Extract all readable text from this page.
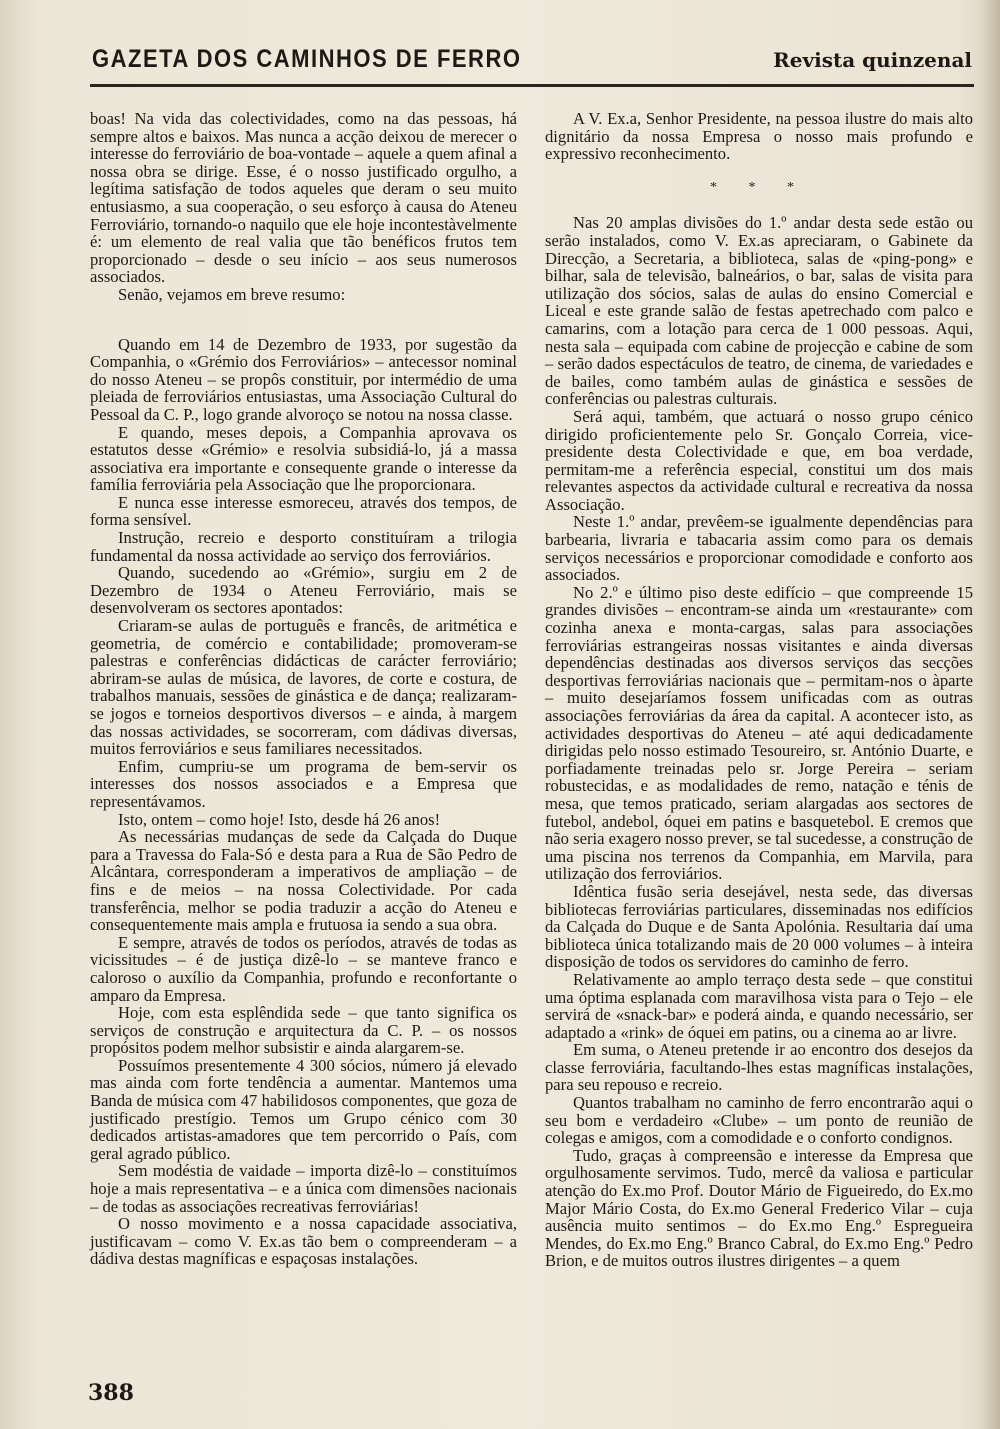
GAZETA DOS CAMINHOS DE FERRO	Revista quinzenal

boas! Na vida das colectividades, como na das pessoas, há sempre altos e baixos. Mas nunca a acção deixou de merecer o interesse do ferroviário de boa-vontade – aquele a quem afinal a nossa obra se dirige. Esse, é o nosso justificado orgulho, a legítima satisfação de todos aqueles que deram o seu muito entusiasmo, a sua cooperação, o seu esforço à causa do Ateneu Ferroviário, tornando-o naquilo que ele hoje incontestàvelmente é: um elemento de real valia que tão benéficos frutos tem proporcionado – desde o seu início – aos seus numerosos associados.

Senão, vejamos em breve resumo:

Quando em 14 de Dezembro de 1933, por sugestão da Companhia, o «Grémio dos Ferroviários» – antecessor nominal do nosso Ateneu – se propôs constituir, por intermédio de uma pleiada de ferroviários entusiastas, uma Associação Cultural do Pessoal da C. P., logo grande alvoroço se notou na nossa classe.

E quando, meses depois, a Companhia aprovava os estatutos desse «Grémio» e resolvia subsidiá-lo, já a massa associativa era importante e consequente grande o interesse da família ferroviária pela Associação que lhe proporcionara.

E nunca esse interesse esmoreceu, através dos tempos, de forma sensível.

Instrução, recreio e desporto constituíram a trilogia fundamental da nossa actividade ao serviço dos ferroviários.

Quando, sucedendo ao «Grémio», surgiu em 2 de Dezembro de 1934 o Ateneu Ferroviário, mais se desenvolveram os sectores apontados:

Criaram-se aulas de português e francês, de aritmética e geometria, de comércio e contabilidade; promoveram-se palestras e conferências didácticas de carácter ferroviário; abriram-se aulas de música, de lavores, de corte e costura, de trabalhos manuais, sessões de ginástica e de dança; realizaram-se jogos e torneios desportivos diversos – e ainda, à margem das nossas actividades, se socorreram, com dádivas diversas, muitos ferroviários e seus familiares necessitados.

Enfim, cumpriu-se um programa de bem-servir os interesses dos nossos associados e a Empresa que representávamos.

Isto, ontem – como hoje! Isto, desde há 26 anos!

As necessárias mudanças de sede da Calçada do Duque para a Travessa do Fala-Só e desta para a Rua de São Pedro de Alcântara, corresponderam a imperativos de ampliação – de fins e de meios – na nossa Colectividade. Por cada transferência, melhor se podia traduzir a acção do Ateneu e consequentemente mais ampla e frutuosa ia sendo a sua obra.

E sempre, através de todos os períodos, através de todas as vicissitudes – é de justiça dizê-lo – se manteve franco e caloroso o auxílio da Companhia, profundo e reconfortante o amparo da Empresa.

Hoje, com esta esplêndida sede – que tanto significa os serviços de construção e arquitectura da C. P. – os nossos propósitos podem melhor subsistir e ainda alargarem-se.

Possuímos presentemente 4 300 sócios, número já elevado mas ainda com forte tendência a aumentar. Mantemos uma Banda de música com 47 habilidosos componentes, que goza de justificado prestígio. Temos um Grupo cénico com 30 dedicados artistas-amadores que tem percorrido o País, com geral agrado público.

Sem modéstia de vaidade – importa dizê-lo – constituímos hoje a mais representativa – e a única com dimensões nacionais – de todas as associações recreativas ferroviárias!

O nosso movimento e a nossa capacidade associativa, justificavam – como V. Ex.as tão bem o compreenderam – a dádiva destas magníficas e espaçosas instalações.

A V. Ex.a, Senhor Presidente, na pessoa ilustre do mais alto dignitário da nossa Empresa o nosso mais profundo e expressivo reconhecimento.

* * *

Nas 20 amplas divisões do 1.º andar desta sede estão ou serão instalados, como V. Ex.as apreciaram, o Gabinete da Direcção, a Secretaria, a biblioteca, salas de «ping-pong» e bilhar, sala de televisão, balneários, o bar, salas de visita para utilização dos sócios, salas de aulas do ensino Comercial e Liceal e este grande salão de festas apetrechado com palco e camarins, com a lotação para cerca de 1 000 pessoas. Aqui, nesta sala – equipada com cabine de projecção e cabine de som – serão dados espectáculos de teatro, de cinema, de variedades e de bailes, como também aulas de ginástica e sessões de conferências ou palestras culturais.

Será aqui, também, que actuará o nosso grupo cénico dirigido proficientemente pelo Sr. Gonçalo Correia, vice-presidente desta Colectividade e que, em boa verdade, permitam-me a referência especial, constitui um dos mais relevantes aspectos da actividade cultural e recreativa da nossa Associação.

Neste 1.º andar, prevêem-se igualmente dependências para barbearia, livraria e tabacaria assim como para os demais serviços necessários e proporcionar comodidade e conforto aos associados.

No 2.º e último piso deste edifício – que compreende 15 grandes divisões – encontram-se ainda um «restaurante» com cozinha anexa e monta-cargas, salas para associações ferroviárias estrangeiras nossas visitantes e ainda diversas dependências destinadas aos diversos serviços das secções desportivas ferroviárias nacionais que – permitam-nos o àparte – muito desejaríamos fossem unificadas com as outras associações ferroviárias da área da capital. A acontecer isto, as actividades desportivas do Ateneu – até aqui dedicadamente dirigidas pelo nosso estimado Tesoureiro, sr. António Duarte, e porfiadamente treinadas pelo sr. Jorge Pereira – seriam robustecidas, e as modalidades de remo, natação e ténis de mesa, que temos praticado, seriam alargadas aos sectores de futebol, andebol, óquei em patins e basquetebol. E cremos que não seria exagero nosso prever, se tal sucedesse, a construção de uma piscina nos terrenos da Companhia, em Marvila, para utilização dos ferroviários.

Idêntica fusão seria desejável, nesta sede, das diversas bibliotecas ferroviárias particulares, disseminadas nos edifícios da Calçada do Duque e de Santa Apolónia. Resultaria daí uma biblioteca única totalizando mais de 20 000 volumes – à inteira disposição de todos os servidores do caminho de ferro.

Relativamente ao amplo terraço desta sede – que constitui uma óptima esplanada com maravilhosa vista para o Tejo – ele servirá de «snack-bar» e poderá ainda, e quando necessário, ser adaptado a «rink» de óquei em patins, ou a cinema ao ar livre.

Em suma, o Ateneu pretende ir ao encontro dos desejos da classe ferroviária, facultando-lhes estas magníficas instalações, para seu repouso e recreio.

Quantos trabalham no caminho de ferro encontrarão aqui o seu bom e verdadeiro «Clube» – um ponto de reunião de colegas e amigos, com a comodidade e o conforto condignos.

Tudo, graças à compreensão e interesse da Empresa que orgulhosamente servimos. Tudo, mercê da valiosa e particular atenção do Ex.mo Prof. Doutor Mário de Figueiredo, do Ex.mo Major Mário Costa, do Ex.mo General Frederico Vilar – cuja ausência muito sentimos – do Ex.mo Eng.º Espregueira Mendes, do Ex.mo Eng.º Branco Cabral, do Ex.mo Eng.º Pedro Brion, e de muitos outros ilustres dirigentes – a quem

388
